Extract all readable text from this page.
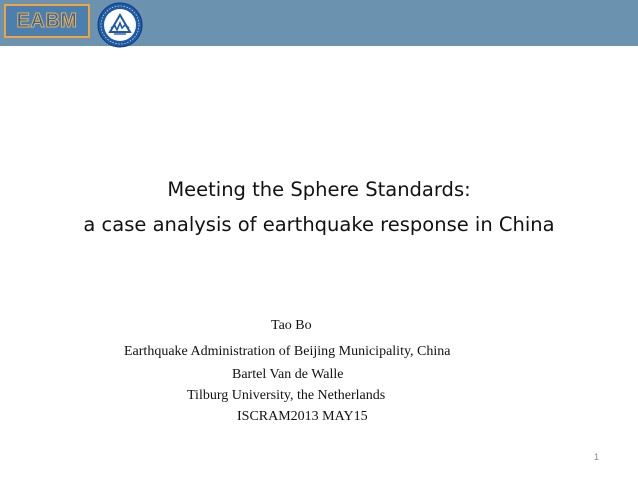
EABM
Meeting the Sphere Standards:
a case analysis of earthquake response in China
Tao Bo
Earthquake Administration of Beijing Municipality, China
Bartel Van de Walle
Tilburg University, the Netherlands
ISCRAM2013 MAY15
1
